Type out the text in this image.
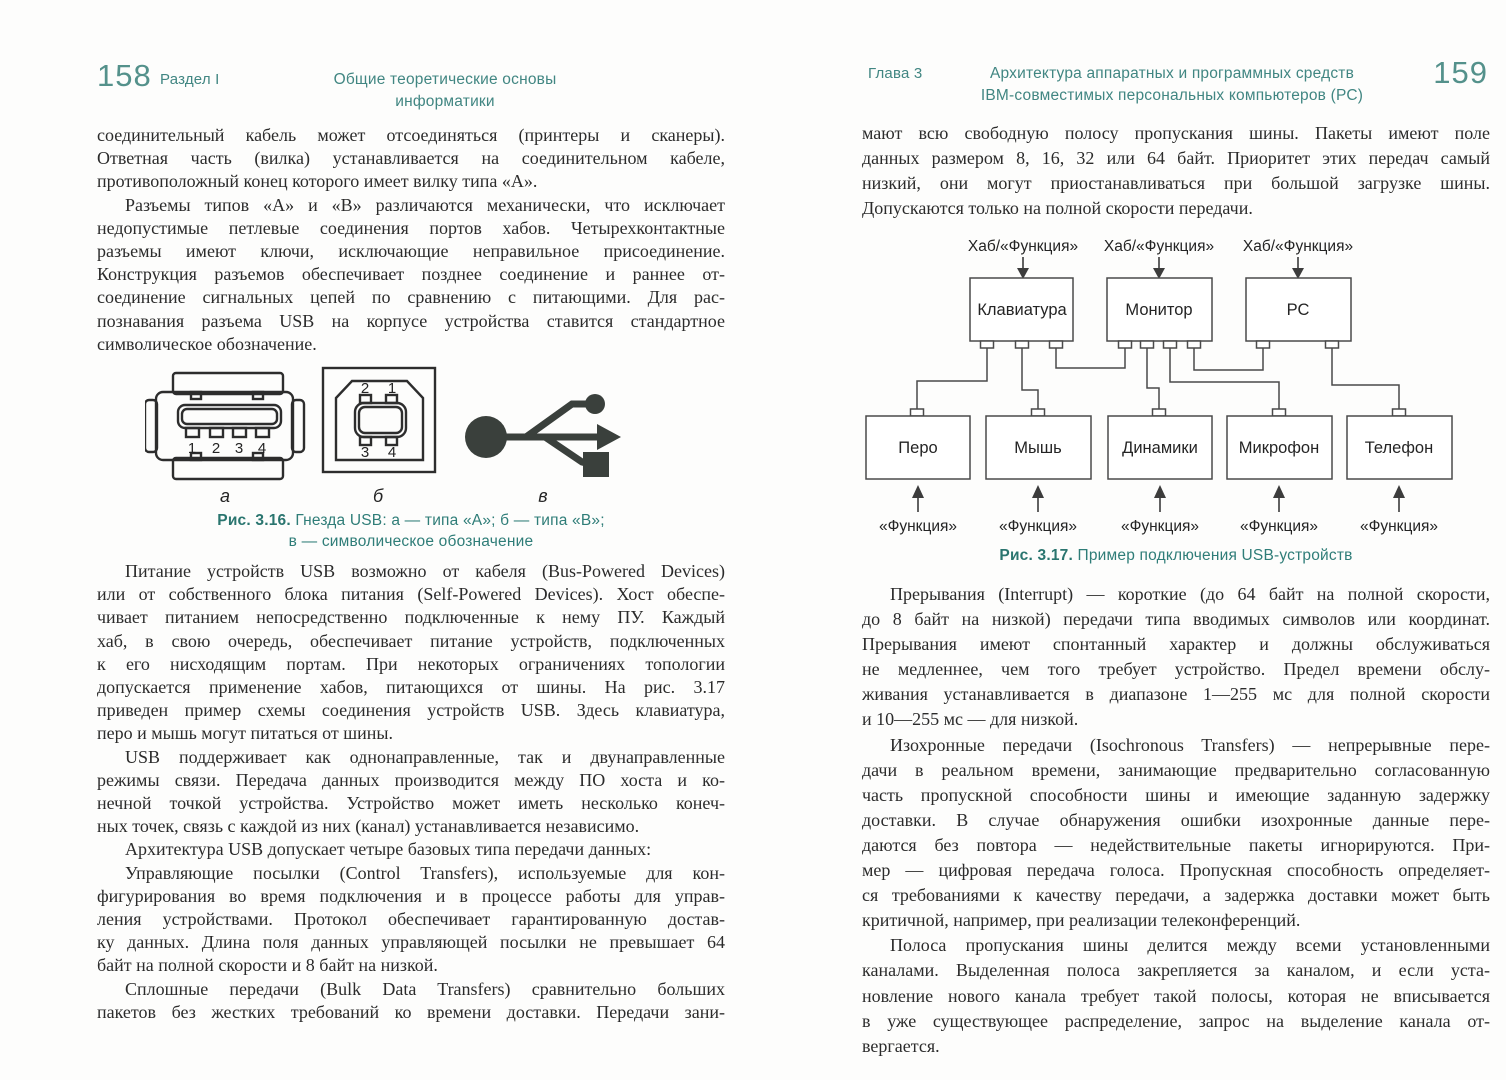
158 Раздел I	Общие теоретические основы информатики
соединительный кабель может отсоединяться (принтеры и сканеры).
Ответная часть (вилка) устанавливается на соединительном кабеле,
противоположный конец которого имеет вилку типа «А».
Разъемы типов «А» и «В» различаются механически, что исключает
недопустимые петлевые соединения портов хабов. Четырехконтактные
разъемы имеют ключи, исключающие неправильное присоединение.
Конструкция разъемов обеспечивает позднее соединение и раннее от-
соединение сигнальных цепей по сравнению с питающими. Для рас-
познавания разъема USB на корпусе устройства ставится стандартное
символическое обозначение.
1 2 3 4
2 1
3 4
а	б	в
Рис. 3.16. Гнезда USB: а — типа «А»; б — типа «В»;
в — символическое обозначение
Питание устройств USB возможно от кабеля (Bus-Powered Devices)
или от собственного блока питания (Self-Powered Devices). Хост обеспе-
чивает питанием непосредственно подключенные к нему ПУ. Каждый
хаб, в свою очередь, обеспечивает питание устройств, подключенных
к его нисходящим портам. При некоторых ограничениях топологии
допускается применение хабов, питающихся от шины. На рис. 3.17
приведен пример схемы соединения устройств USB. Здесь клавиатура,
перо и мышь могут питаться от шины.
USB поддерживает как однонаправленные, так и двунаправленные
режимы связи. Передача данных производится между ПО хоста и ко-
нечной точкой устройства. Устройство может иметь несколько конеч-
ных точек, связь с каждой из них (канал) устанавливается независимо.
Архитектура USB допускает четыре базовых типа передачи данных:
Управляющие посылки (Control Transfers), используемые для кон-
фигурирования во время подключения и в процессе работы для управ-
ления устройствами. Протокол обеспечивает гарантированную достав-
ку данных. Длина поля данных управляющей посылки не превышает 64
байт на полной скорости и 8 байт на низкой.
Сплошные передачи (Bulk Data Transfers) сравнительно больших
пакетов без жестких требований ко времени доставки. Передачи зани-
Глава 3	Архитектура аппаратных и программных средств
IBM-совместимых персональных компьютеров (РС)
159
мают всю свободную полосу пропускания шины. Пакеты имеют поле
данных размером 8, 16, 32 или 64 байт. Приоритет этих передач самый
низкий, они могут приостанавливаться при большой загрузке шины.
Допускаются только на полной скорости передачи.
Хаб/«Функция» Хаб/«Функция» Хаб/«Функция»
Клавиатура	Монитор	РС
Перо	Мышь	Динамики Микрофон	Телефон
«Функция»	«Функция»	«Функция»	«Функция»	«Функция»
Рис. 3.17. Пример подключения USB-устройств
Прерывания (Interrupt) — короткие (до 64 байт на полной скорости,
до 8 байт на низкой) передачи типа вводимых символов или координат.
Прерывания имеют спонтанный характер и должны обслуживаться
не медленнее, чем того требует устройство. Предел времени обслу-
живания устанавливается в диапазоне 1—255 мс для полной скорости
и 10—255 мс — для низкой.
Изохронные передачи (Isochronous Transfers) — непрерывные пере-
дачи в реальном времени, занимающие предварительно согласованную
часть пропускной способности шины и имеющие заданную задержку
доставки. В случае обнаружения ошибки изохронные данные пере-
даются без повтора — недействительные пакеты игнорируются. При-
мер — цифровая передача голоса. Пропускная способность определяет-
ся требованиями к качеству передачи, а задержка доставки может быть
критичной, например, при реализации телеконференций.
Полоса пропускания шины делится между всеми установленными
каналами. Выделенная полоса закрепляется за каналом, и если уста-
новление нового канала требует такой полосы, которая не вписывается
в уже существующее распределение, запрос на выделение канала от-
вергается.
